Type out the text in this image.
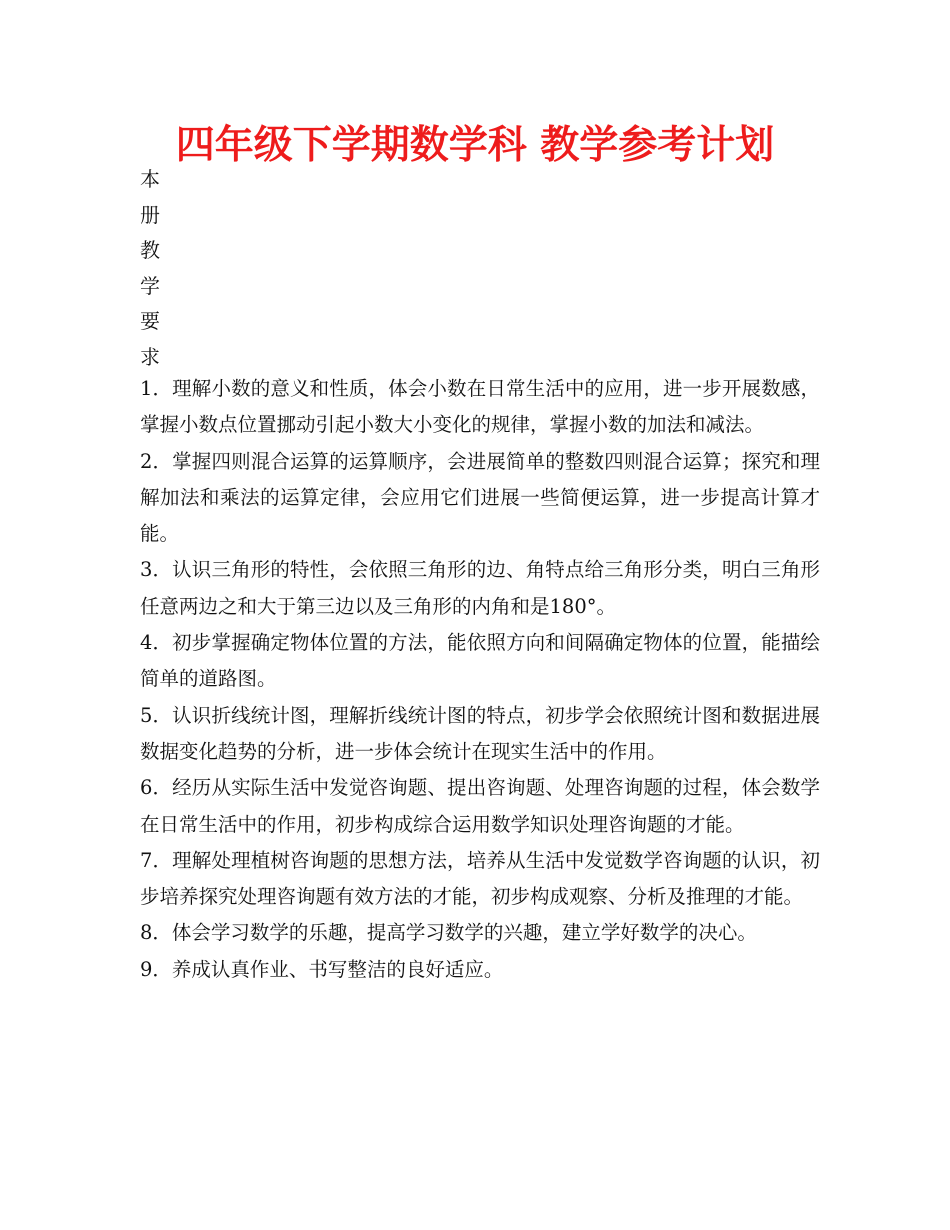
四年级下学期数学科 教学参考计划
本
册
教
学
要
求
1．理解小数的意义和性质，体会小数在日常生活中的应用，进一步开展数感，掌握小数点位置挪动引起小数大小变化的规律，掌握小数的加法和减法。
2．掌握四则混合运算的运算顺序，会进展简单的整数四则混合运算；探究和理解加法和乘法的运算定律，会应用它们进展一些简便运算，进一步提高计算才能。
3．认识三角形的特性，会依照三角形的边、角特点给三角形分类，明白三角形任意两边之和大于第三边以及三角形的内角和是180°。
4．初步掌握确定物体位置的方法，能依照方向和间隔确定物体的位置，能描绘简单的道路图。
5．认识折线统计图，理解折线统计图的特点，初步学会依照统计图和数据进展数据变化趋势的分析，进一步体会统计在现实生活中的作用。
6．经历从实际生活中发觉咨询题、提出咨询题、处理咨询题的过程，体会数学在日常生活中的作用，初步构成综合运用数学知识处理咨询题的才能。
7．理解处理植树咨询题的思想方法，培养从生活中发觉数学咨询题的认识，初步培养探究处理咨询题有效方法的才能，初步构成观察、分析及推理的才能。
8．体会学习数学的乐趣，提高学习数学的兴趣，建立学好数学的决心。
9．养成认真作业、书写整洁的良好适应。
